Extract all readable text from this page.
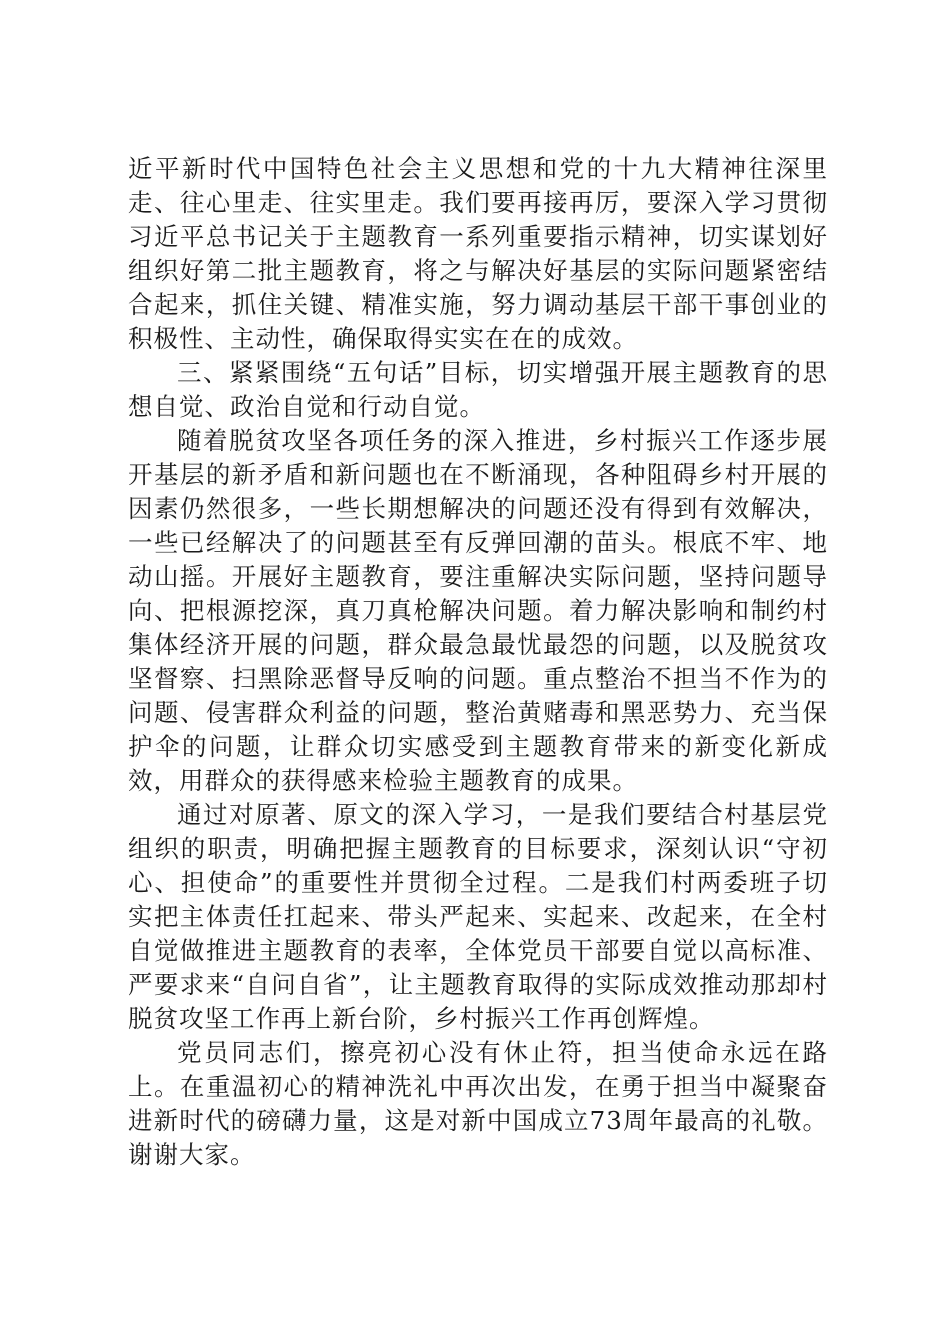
近平新时代中国特色社会主义思想和党的十九大精神往深里走、往心里走、往实里走。我们要再接再厉，要深入学习贯彻习近平总书记关于主题教育一系列重要指示精神，切实谋划好组织好第二批主题教育，将之与解决好基层的实际问题紧密结合起来，抓住关键、精准实施，努力调动基层干部干事创业的积极性、主动性，确保取得实实在在的成效。

三、紧紧围绕“五句话”目标，切实增强开展主题教育的思想自觉、政治自觉和行动自觉。

随着脱贫攻坚各项任务的深入推进，乡村振兴工作逐步展开基层的新矛盾和新问题也在不断涌现，各种阻碍乡村开展的因素仍然很多，一些长期想解决的问题还没有得到有效解决，一些已经解决了的问题甚至有反弹回潮的苗头。根底不牢、地动山摇。开展好主题教育，要注重解决实际问题，坚持问题导向、把根源挖深，真刀真枪解决问题。着力解决影响和制约村集体经济开展的问题，群众最急最忧最怨的问题，以及脱贫攻坚督察、扫黑除恶督导反响的问题。重点整治不担当不作为的问题、侵害群众利益的问题，整治黄赌毒和黑恶势力、充当保护伞的问题，让群众切实感受到主题教育带来的新变化新成效，用群众的获得感来检验主题教育的成果。

通过对原著、原文的深入学习，一是我们要结合村基层党组织的职责，明确把握主题教育的目标要求，深刻认识“守初心、担使命”的重要性并贯彻全过程。二是我们村两委班子切实把主体责任扛起来、带头严起来、实起来、改起来，在全村自觉做推进主题教育的表率，全体党员干部要自觉以高标准、严要求来“自问自省”，让主题教育取得的实际成效推动那却村脱贫攻坚工作再上新台阶，乡村振兴工作再创辉煌。

党员同志们，擦亮初心没有休止符，担当使命永远在路上。在重温初心的精神洗礼中再次出发，在勇于担当中凝聚奋进新时代的磅礴力量，这是对新中国成立73周年最高的礼敬。谢谢大家。
